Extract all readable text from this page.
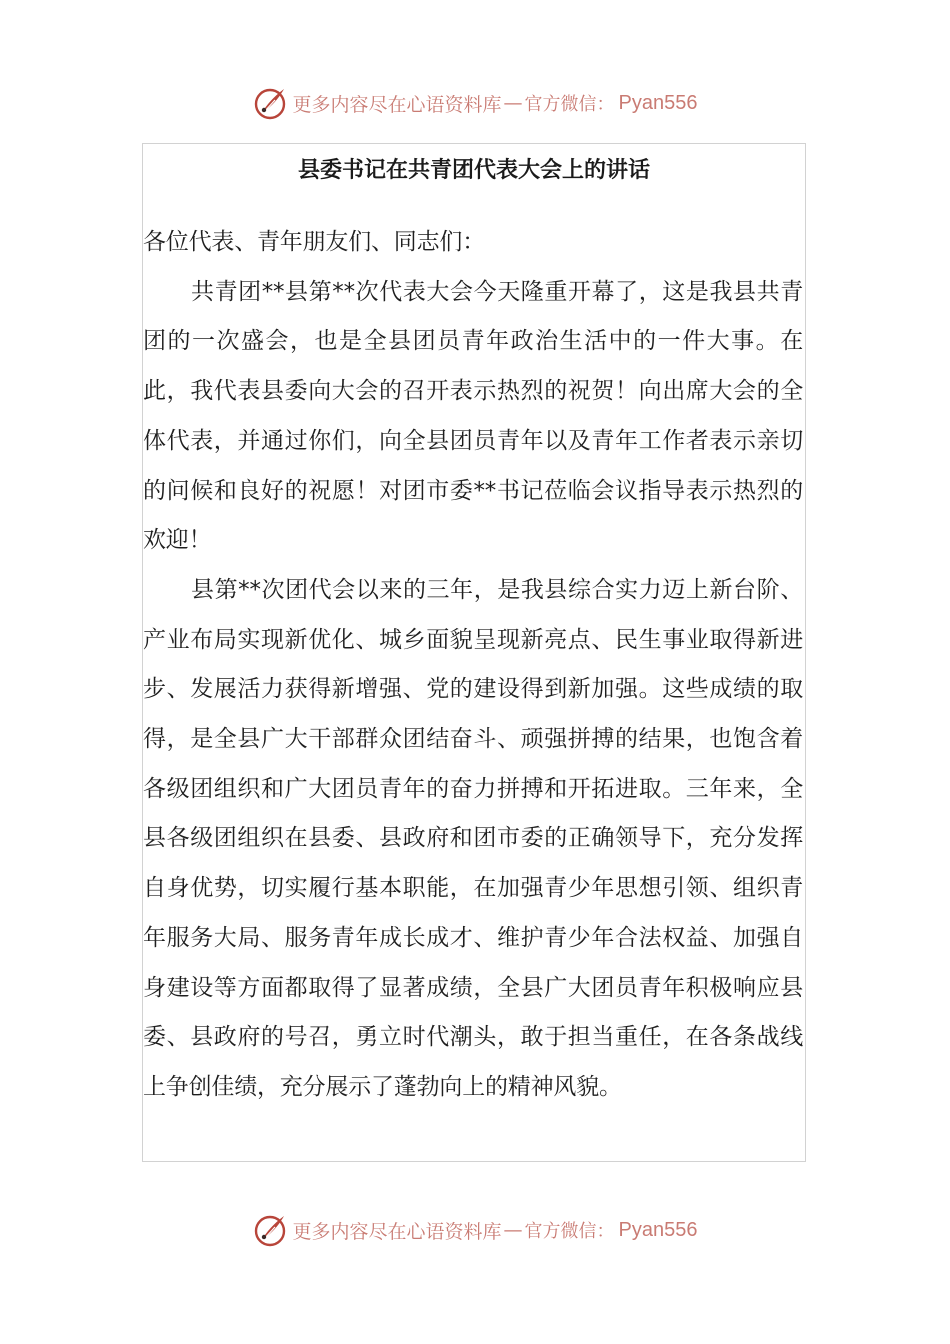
更多内容尽在心语资料库 — 官方微信： Pyan556
县委书记在共青团代表大会上的讲话

各位代表、青年朋友们、同志们：

共青团**县第**次代表大会今天隆重开幕了，这是我县共青团的一次盛会，也是全县团员青年政治生活中的一件大事。在此，我代表县委向大会的召开表示热烈的祝贺！向出席大会的全体代表，并通过你们，向全县团员青年以及青年工作者表示亲切的问候和良好的祝愿！对团市委**书记莅临会议指导表示热烈的欢迎！

县第**次团代会以来的三年，是我县综合实力迈上新台阶、产业布局实现新优化、城乡面貌呈现新亮点、民生事业取得新进步、发展活力获得新增强、党的建设得到新加强。这些成绩的取得，是全县广大干部群众团结奋斗、顽强拼搏的结果，也饱含着各级团组织和广大团员青年的奋力拼搏和开拓进取。三年来，全县各级团组织在县委、县政府和团市委的正确领导下，充分发挥自身优势，切实履行基本职能，在加强青少年思想引领、组织青年服务大局、服务青年成长成才、维护青少年合法权益、加强自身建设等方面都取得了显著成绩，全县广大团员青年积极响应县委、县政府的号召，勇立时代潮头，敢于担当重任，在各条战线上争创佳绩，充分展示了蓬勃向上的精神风貌。

更多内容尽在心语资料库 — 官方微信： Pyan556
